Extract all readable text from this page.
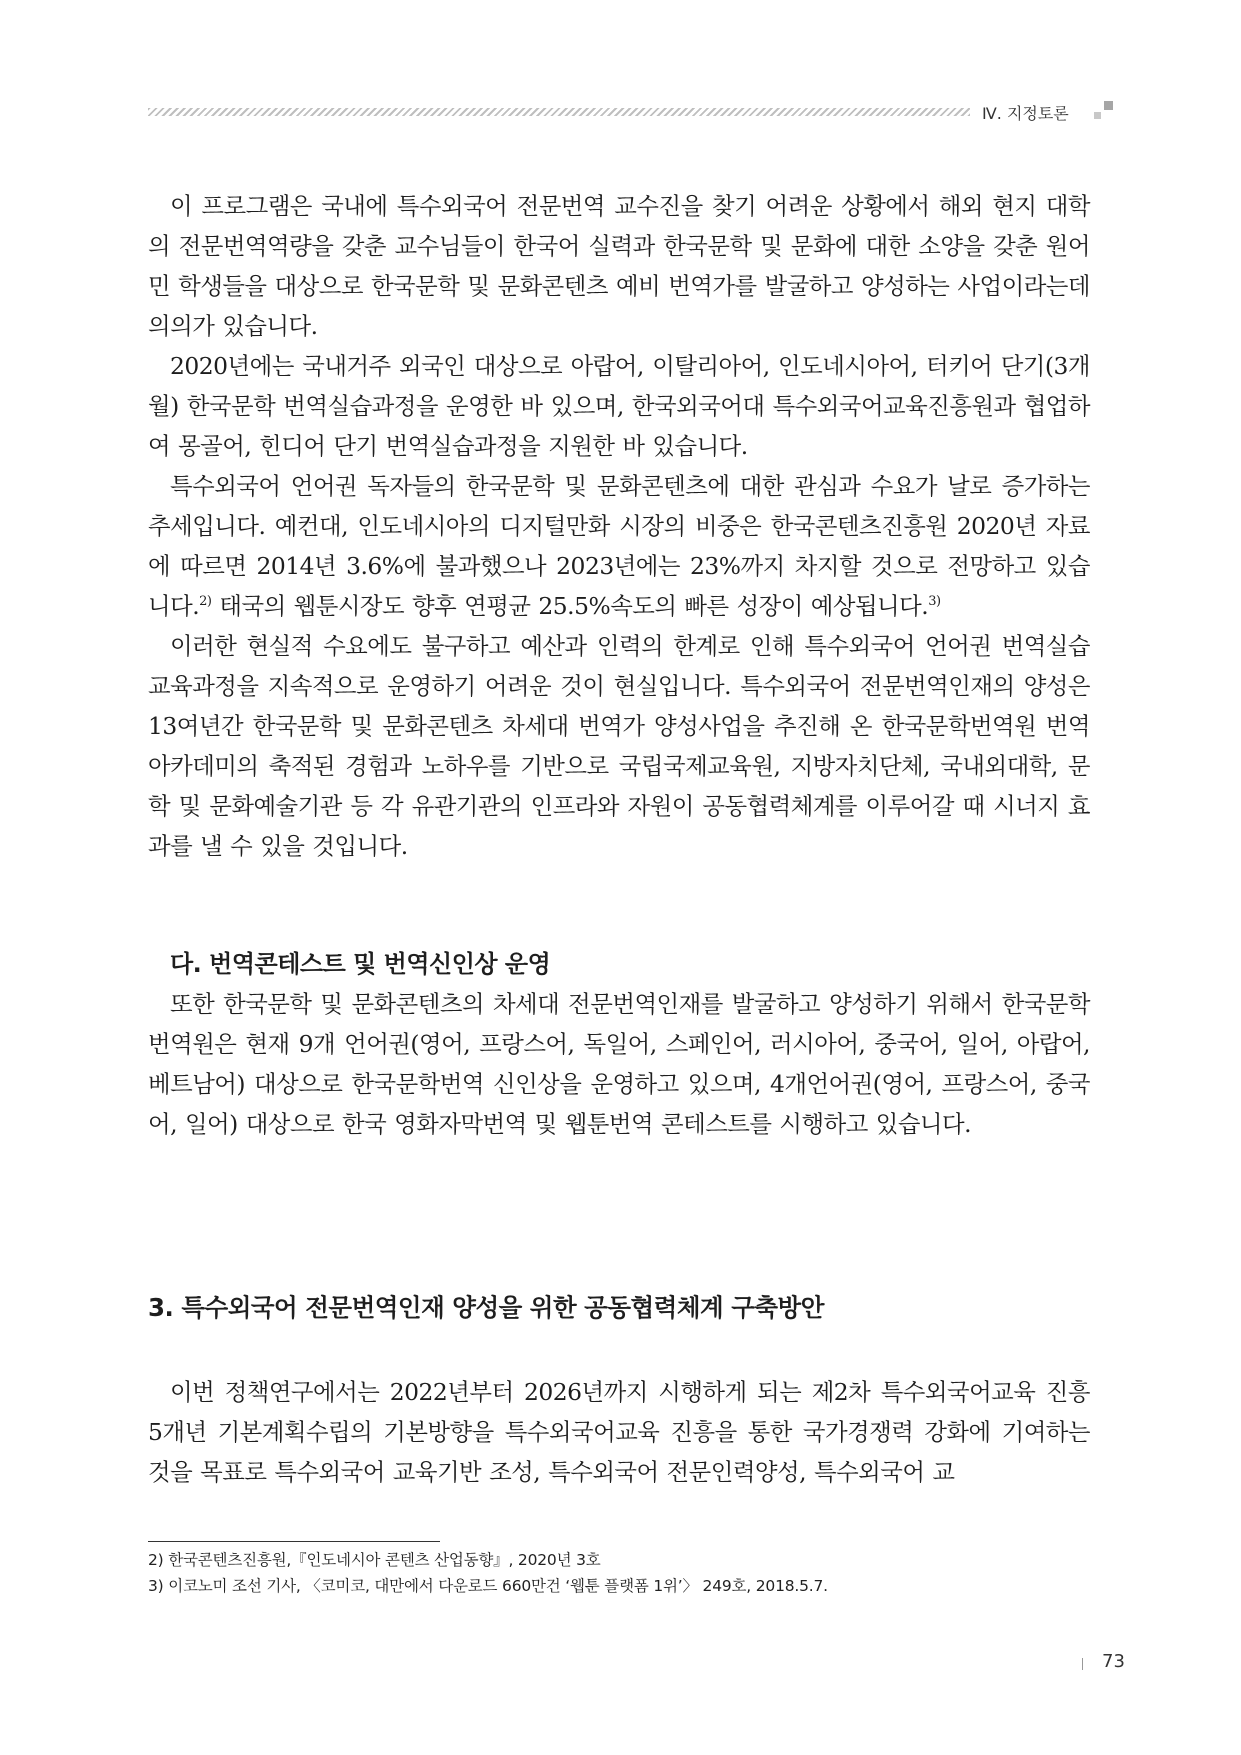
Ⅳ. 지정토론

이 프로그램은 국내에 특수외국어 전문번역 교수진을 찾기 어려운 상황에서 해외 현지 대학의 전문번역역량을 갖춘 교수님들이 한국어 실력과 한국문학 및 문화에 대한 소양을 갖춘 원어민 학생들을 대상으로 한국문학 및 문화콘텐츠 예비 번역가를 발굴하고 양성하는 사업이라는데 의의가 있습니다.

2020년에는 국내거주 외국인 대상으로 아랍어, 이탈리아어, 인도네시아어, 터키어 단기(3개월) 한국문학 번역실습과정을 운영한 바 있으며, 한국외국어대 특수외국어교육진흥원과 협업하여 몽골어, 힌디어 단기 번역실습과정을 지원한 바 있습니다.

특수외국어 언어권 독자들의 한국문학 및 문화콘텐츠에 대한 관심과 수요가 날로 증가하는 추세입니다. 예컨대, 인도네시아의 디지털만화 시장의 비중은 한국콘텐츠진흥원 2020년 자료에 따르면 2014년 3.6%에 불과했으나 2023년에는 23%까지 차지할 것으로 전망하고 있습니다.$^{2)}$ 태국의 웹툰시장도 향후 연평균 25.5%속도의 빠른 성장이 예상됩니다.$^{3)}$

이러한 현실적 수요에도 불구하고 예산과 인력의 한계로 인해 특수외국어 언어권 번역실습 교육과정을 지속적으로 운영하기 어려운 것이 현실입니다. 특수외국어 전문번역인재의 양성은 13여년간 한국문학 및 문화콘텐츠 차세대 번역가 양성사업을 추진해 온 한국문학번역원 번역아카데미의 축적된 경험과 노하우를 기반으로 국립국제교육원, 지방자치단체, 국내외대학, 문학 및 문화예술기관 등 각 유관기관의 인프라와 자원이 공동협력체계를 이루어갈 때 시너지 효과를 낼 수 있을 것입니다.

다. 번역콘테스트 및 번역신인상 운영

또한 한국문학 및 문화콘텐츠의 차세대 전문번역인재를 발굴하고 양성하기 위해서 한국문학번역원은 현재 9개 언어권(영어, 프랑스어, 독일어, 스페인어, 러시아어, 중국어, 일어, 아랍어, 베트남어) 대상으로 한국문학번역 신인상을 운영하고 있으며, 4개언어권(영어, 프랑스어, 중국어, 일어) 대상으로 한국 영화자막번역 및 웹툰번역 콘테스트를 시행하고 있습니다.

3. 특수외국어 전문번역인재 양성을 위한 공동협력체계 구축방안

이번 정책연구에서는 2022년부터 2026년까지 시행하게 되는 제2차 특수외국어교육 진흥 5개년 기본계획수립의 기본방향을 특수외국어교육 진흥을 통한 국가경쟁력 강화에 기여하는 것을 목표로 특수외국어 교육기반 조성, 특수외국어 전문인력양성, 특수외국어 교

2) 한국콘텐츠진흥원,『인도네시아 콘텐츠 산업동향』, 2020년 3호

3) 이코노미 조선 기사, 〈코미코, 대만에서 다운로드 660만건 ‘웹툰 플랫폼 1위’〉 249호, 2018.5.7.

73
